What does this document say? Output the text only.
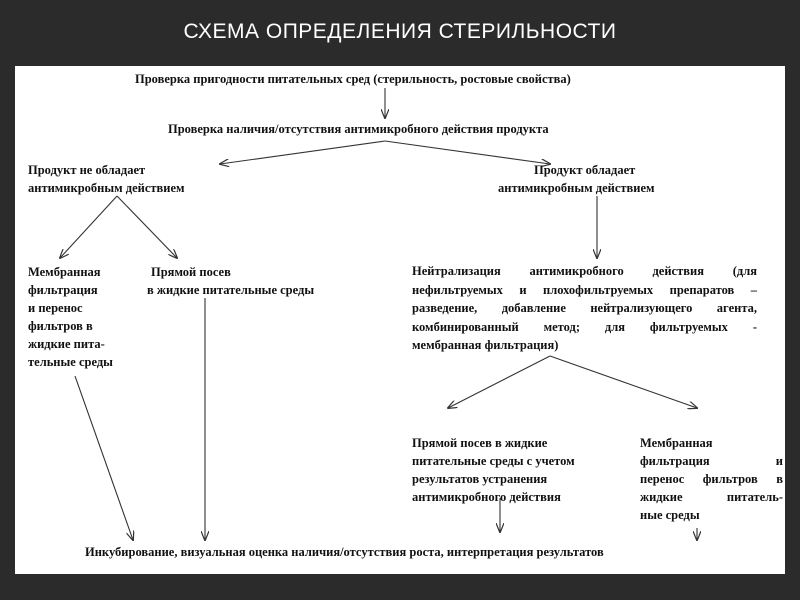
СХЕМА ОПРЕДЕЛЕНИЯ СТЕРИЛЬНОСТИ
Проверка пригодности питательных сред (стерильность, ростовые свойства)
Проверка наличия/отсутствия антимикробного действия продукта
Продукт не обладает
антимикробным действием
Продукт обладает
антимикробным действием
Мембранная
фильтрация
и перенос
фильтров в
жидкие пита-
тельные среды
Прямой посев
в жидкие питательные среды
Нейтрализация антимикробного действия (для
нефильтруемых и плохофильтруемых препаратов –
разведение, добавление нейтрализующего агента,
комбинированный метод; для фильтруемых -
мембранная фильтрация)
Прямой посев в жидкие
питательные среды с учетом
результатов устранения
антимикробного действия
Мембранная
фильтрация и
перенос фильтров в
жидкие питатель-
ные среды
Инкубирование, визуальная оценка наличия/отсутствия роста, интерпретация результатов
